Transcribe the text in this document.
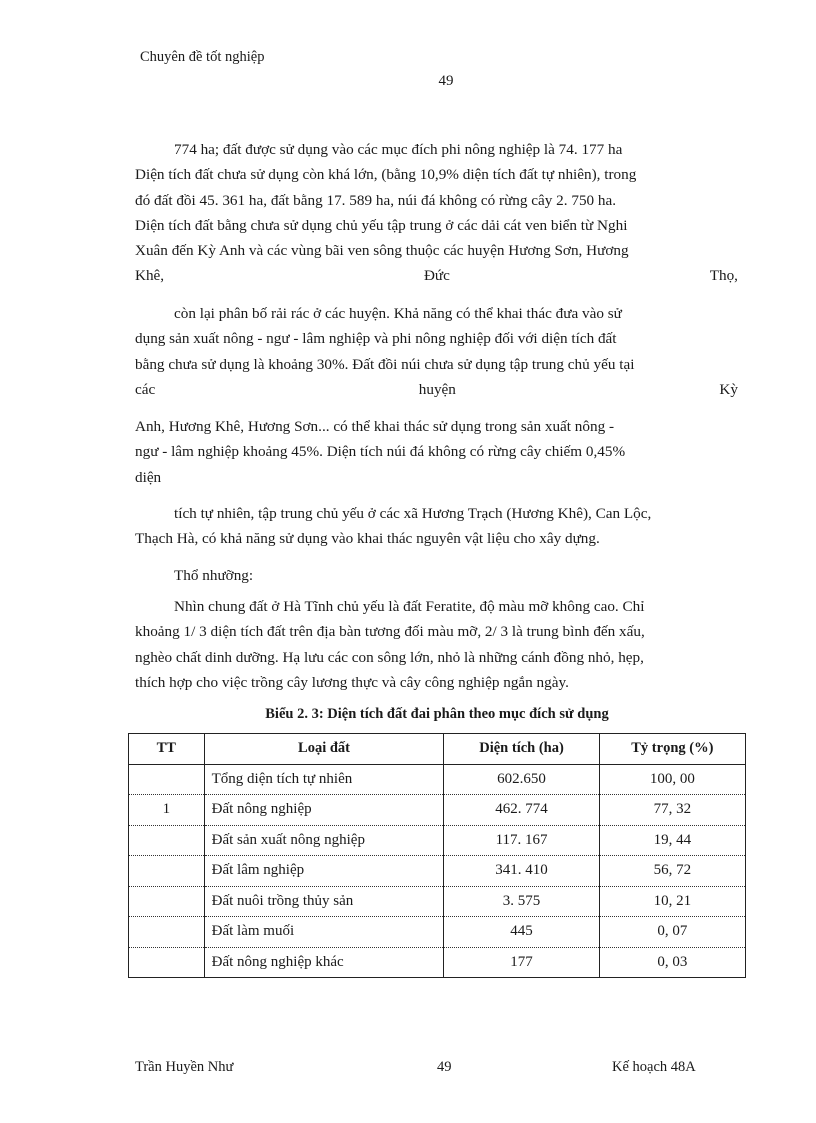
Chuyên đề tốt nghiệp
49
774 ha; đất được sử dụng vào các mục đích phi nông nghiệp là 74. 177 ha
Diện tích đất chưa sử dụng còn khá lớn, (bằng 10,9% diện tích đất tự nhiên), trong
đó đất đồi 45. 361 ha, đất bằng 17. 589 ha, núi đá không có rừng cây 2. 750 ha.
Diện tích đất bằng chưa sử dụng chủ yếu tập trung ở các dải cát ven biển từ Nghi
Xuân đến Kỳ Anh và các vùng bãi ven sông thuộc các huyện Hương Sơn, Hương
Khê,	Đức	Thọ,
còn lại phân bố rải rác ở các huyện. Khả năng có thể khai thác đưa vào sử
dụng sản xuất nông - ngư - lâm nghiệp và phi nông nghiệp đối với diện tích đất
bằng chưa sử dụng là khoảng 30%. Đất đồi núi chưa sử dụng tập trung chủ yếu tại
các	huyện	Kỳ
Anh, Hương Khê, Hương Sơn... có thể khai thác sử dụng trong sản xuất nông -
ngư - lâm nghiệp khoảng 45%. Diện tích núi đá không có rừng cây chiếm 0,45%
diện
tích tự nhiên, tập trung chủ yếu ở các xã Hương Trạch (Hương Khê), Can Lộc,
Thạch Hà, có khả năng sử dụng vào khai thác nguyên vật liệu cho xây dựng.
Thổ nhưỡng:
Nhìn chung đất ở Hà Tĩnh chủ yếu là đất Feratite, độ màu mỡ không cao. Chỉ
khoảng 1/ 3 diện tích đất trên địa bàn tương đối màu mỡ, 2/ 3 là trung bình đến xấu,
nghèo chất dinh dưỡng. Hạ lưu các con sông lớn, nhỏ là những cánh đồng nhỏ, hẹp,
thích hợp cho việc trồng cây lương thực và cây công nghiệp ngắn ngày.
Biểu 2. 3: Diện tích đất đai phân theo mục đích sử dụng
TT	Loại đất	Diện tích (ha)	Tỷ trọng (%)
	Tổng diện tích tự nhiên	602.650	100, 00
1	Đất nông nghiệp	462. 774	77, 32
	Đất sản xuất nông nghiệp	117. 167	19, 44
	Đất lâm nghiệp	341. 410	56, 72
	Đất nuôi trồng thủy sản	3. 575	10, 21
	Đất làm muối	445	0, 07
	Đất nông nghiệp khác	177	0, 03
Trần Huyền Như	49	Kế hoạch 48A
